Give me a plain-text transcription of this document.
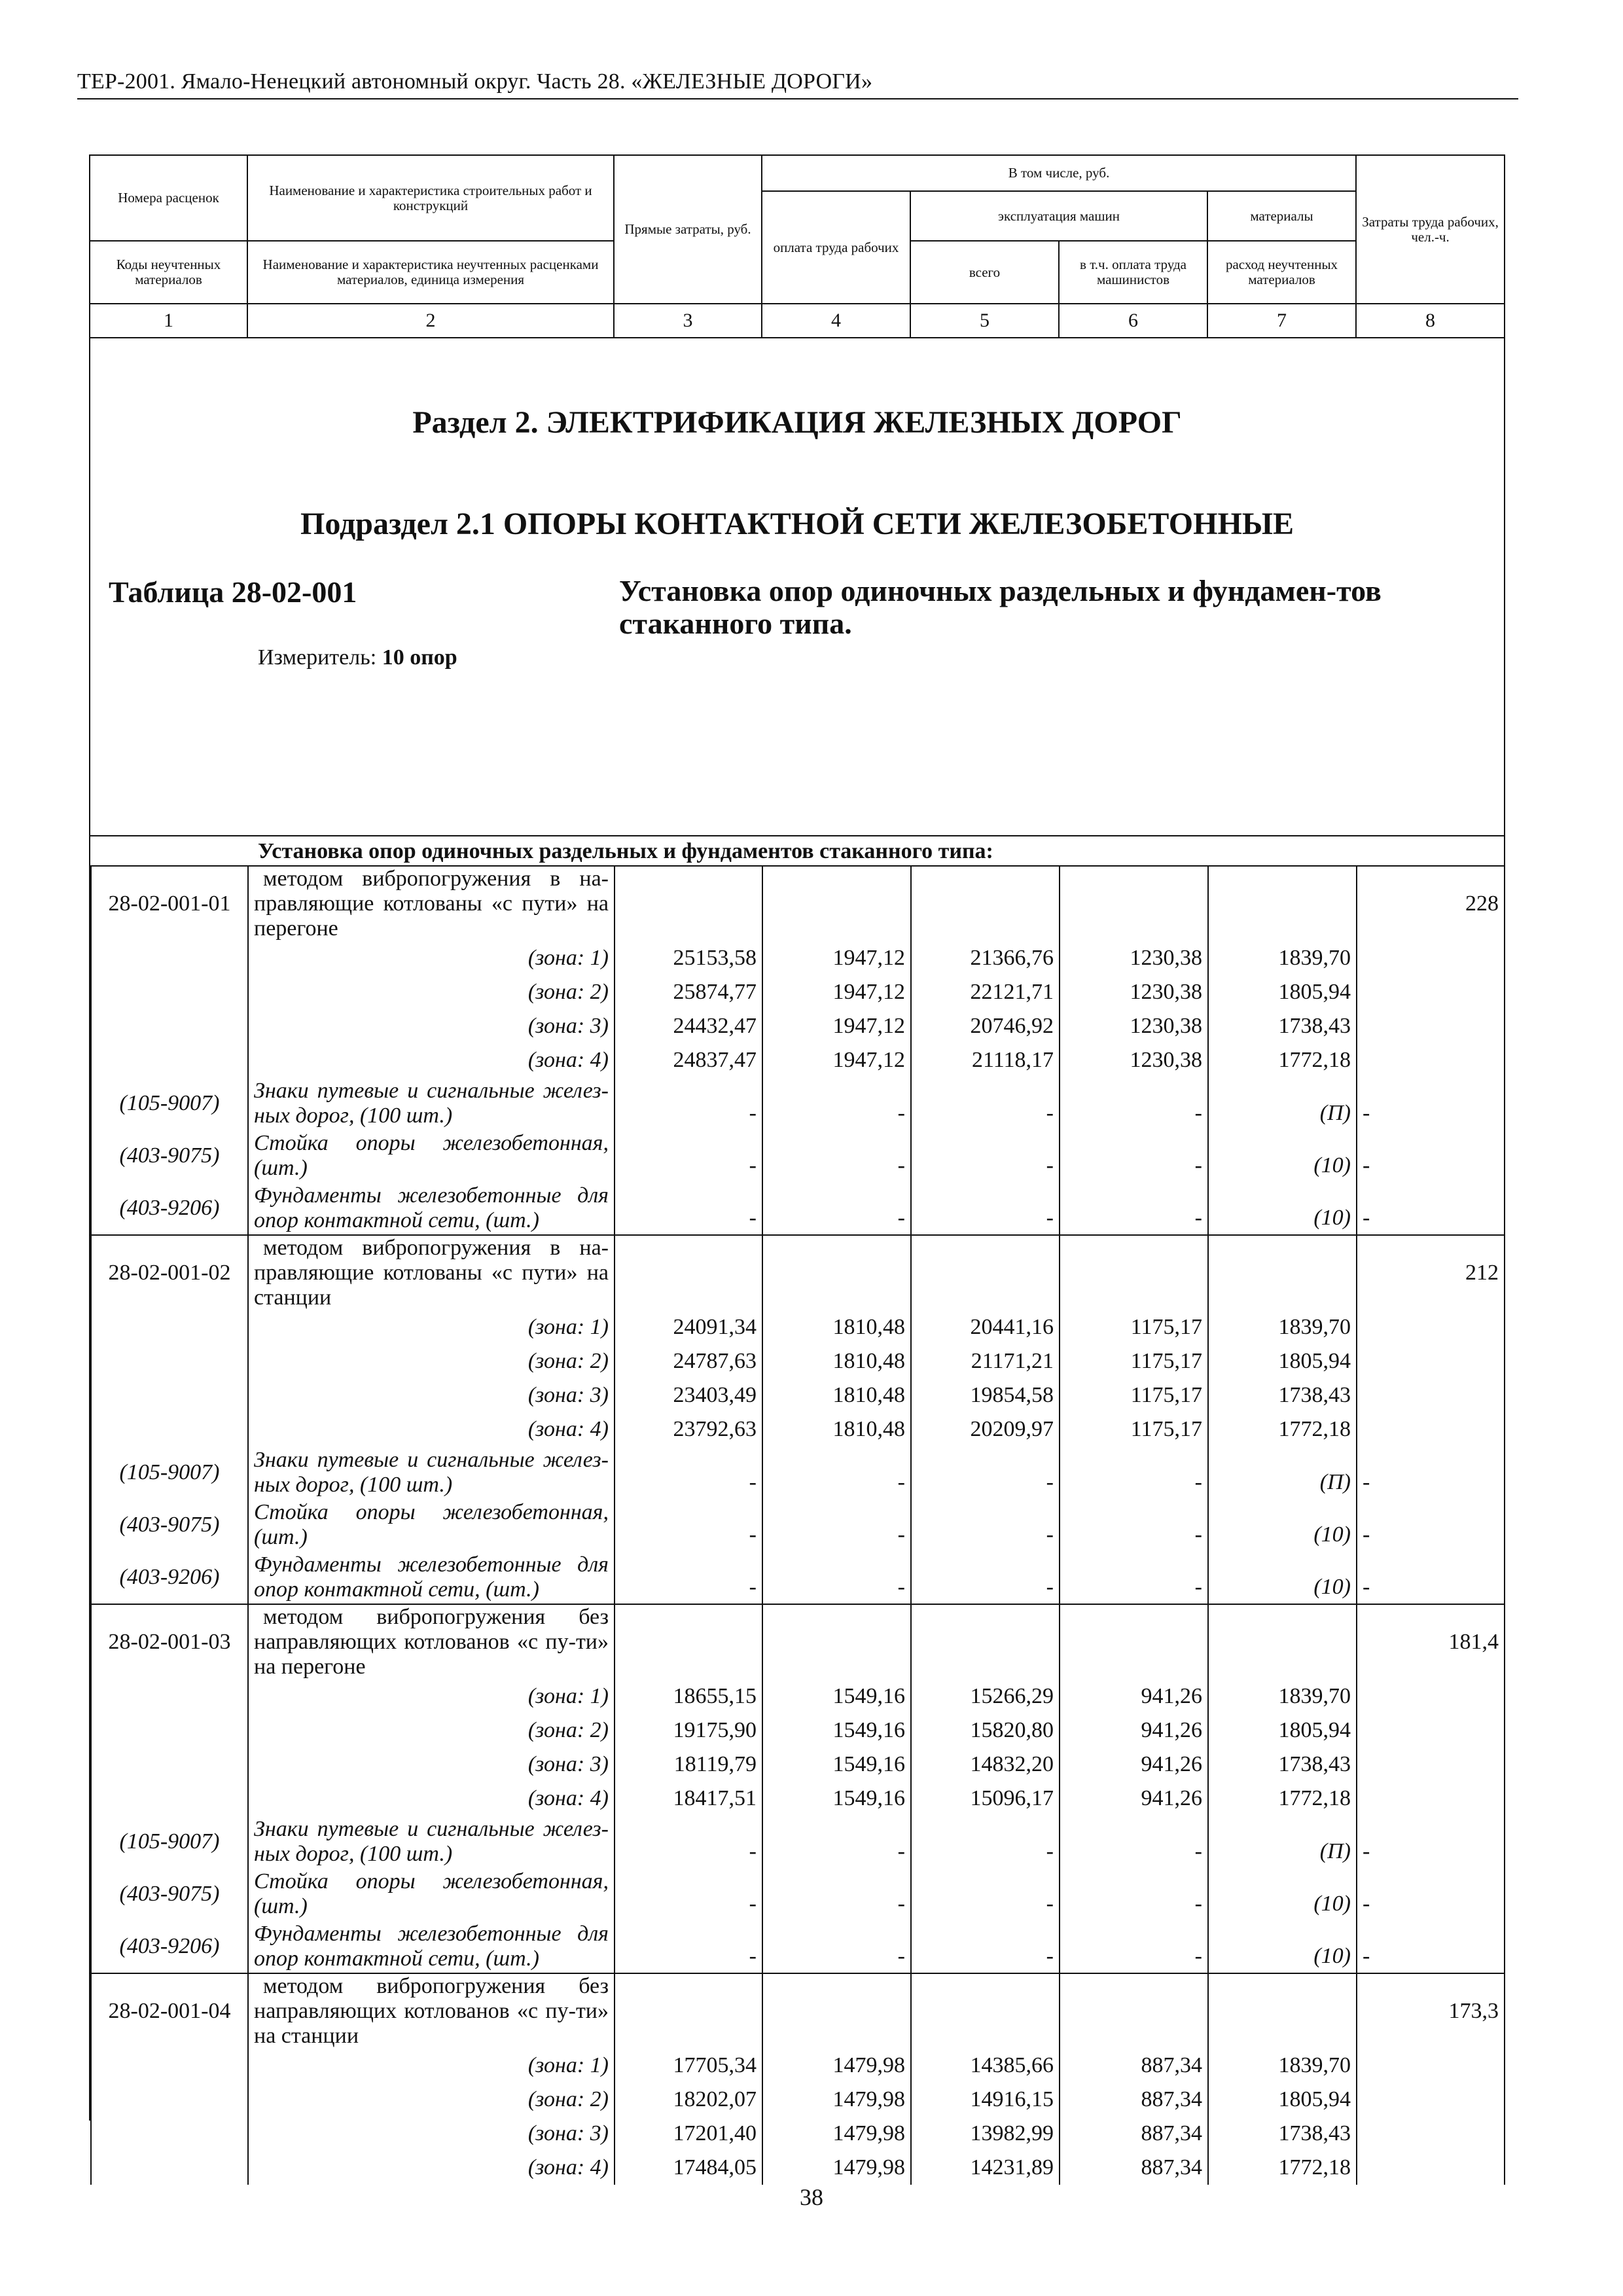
ТЕР-2001. Ямало-Ненецкий автономный округ. Часть 28. «ЖЕЛЕЗНЫЕ ДОРОГИ»
Номера расценок	Наименование и характеристика строительных работ и конструкций	Прямые затраты, руб.	В том числе, руб.				Затраты труда рабочих, чел.-ч.
			оплата труда рабочих	эксплуатация машин		материалы	
Коды неучтенных материалов	Наименование и характеристика неучтенных расценками материалов, единица измерения			всего	в т.ч. оплата труда машинистов	расход неучтенных материалов	
1	2	3	4	5	6	7	8
Раздел 2. ЭЛЕКТРИФИКАЦИЯ ЖЕЛЕЗНЫХ ДОРОГ
Подраздел 2.1 ОПОРЫ КОНТАКТНОЙ СЕТИ ЖЕЛЕЗОБЕТОННЫЕ
Таблица 28-02-001	Установка опор одиночных раздельных и фундамен-тов стаканного типа.
Измеритель: 10 опор
Установка опор одиночных раздельных и фундаментов стаканного типа:
28-02-001-01	методом вибропогружения в на-правляющие котлованы «с пути» на перегоне						228
	(зона: 1)	25153,58	1947,12	21366,76	1230,38	1839,70	
	(зона: 2)	25874,77	1947,12	22121,71	1230,38	1805,94	
	(зона: 3)	24432,47	1947,12	20746,92	1230,38	1738,43	
	(зона: 4)	24837,47	1947,12	21118,17	1230,38	1772,18	
(105-9007)	Знаки путевые и сигнальные желез-ных дорог, (100 шт.)	-	-	-	-	(П)	-
(403-9075)	Стойка опоры железобетонная, (шт.)	-	-	-	-	(10)	-
(403-9206)	Фундаменты железобетонные для опор контактной сети, (шт.)	-	-	-	-	(10)	-
28-02-001-02	методом вибропогружения в на-правляющие котлованы «с пути» на станции						212
	(зона: 1)	24091,34	1810,48	20441,16	1175,17	1839,70	
	(зона: 2)	24787,63	1810,48	21171,21	1175,17	1805,94	
	(зона: 3)	23403,49	1810,48	19854,58	1175,17	1738,43	
	(зона: 4)	23792,63	1810,48	20209,97	1175,17	1772,18	
(105-9007)	Знаки путевые и сигнальные желез-ных дорог, (100 шт.)	-	-	-	-	(П)	-
(403-9075)	Стойка опоры железобетонная, (шт.)	-	-	-	-	(10)	-
(403-9206)	Фундаменты железобетонные для опор контактной сети, (шт.)	-	-	-	-	(10)	-
28-02-001-03	методом вибропогружения без направляющих котлованов «с пу-ти» на перегоне						181,4
	(зона: 1)	18655,15	1549,16	15266,29	941,26	1839,70	
	(зона: 2)	19175,90	1549,16	15820,80	941,26	1805,94	
	(зона: 3)	18119,79	1549,16	14832,20	941,26	1738,43	
	(зона: 4)	18417,51	1549,16	15096,17	941,26	1772,18	
(105-9007)	Знаки путевые и сигнальные желез-ных дорог, (100 шт.)	-	-	-	-	(П)	-
(403-9075)	Стойка опоры железобетонная, (шт.)	-	-	-	-	(10)	-
(403-9206)	Фундаменты железобетонные для опор контактной сети, (шт.)	-	-	-	-	(10)	-
28-02-001-04	методом вибропогружения без направляющих котлованов «с пу-ти» на станции						173,3
	(зона: 1)	17705,34	1479,98	14385,66	887,34	1839,70	
	(зона: 2)	18202,07	1479,98	14916,15	887,34	1805,94	
	(зона: 3)	17201,40	1479,98	13982,99	887,34	1738,43	
	(зона: 4)	17484,05	1479,98	14231,89	887,34	1772,18	
38
